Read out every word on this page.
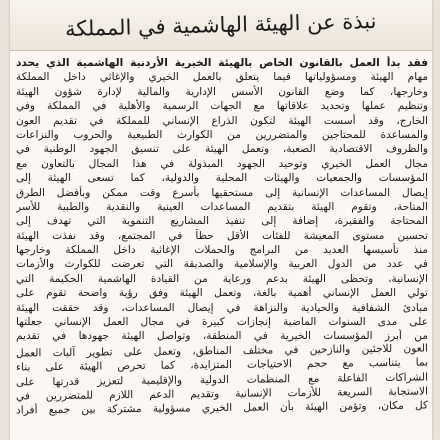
نبذة عن الهيئة الهاشمية في المملكة
فقد بدأ العمل بالقانون الخاص بالهيئة الخيرية الأردنية الهاشمية الذي يحدد
مهام الهيئة ومسؤولياتها فيما يتعلق بالعمل الخيري والإغاثي داخل المملكة
وخارجها، كما وضع القانون الأسس الإدارية والمالية لإدارة شؤون الهيئة
وتنظيم عملها وتحديد علاقاتها مع الجهات الرسمية والأهلية في المملكة وفي
الخارج، وقد أسست الهيئة لتكون الذراع الإنساني للمملكة في تقديم العون
والمساعدة للمحتاجين والمتضررين من الكوارث الطبيعية والحروب والنزاعات
والظروف الاقتصادية الصعبة، وتعمل الهيئة على تنسيق الجهود الوطنية في
مجال العمل الخيري وتوحيد الجهود المبذولة في هذا المجال بالتعاون مع
المؤسسات والجمعيات والهيئات المحلية والدولية، كما تسعى الهيئة إلى
إيصال المساعدات الإنسانية إلى مستحقيها بأسرع وقت ممكن وبأفضل الطرق
المتاحة، وتقوم الهيئة بتقديم المساعدات العينية والنقدية والطبية للأسر
المحتاجة والفقيرة، إضافة إلى تنفيذ المشاريع التنموية التي تهدف إلى
تحسين مستوى المعيشة للفئات الأقل حظاً في المجتمع، وقد نفذت الهيئة
منذ تأسيسها العديد من البرامج والحملات الإغاثية داخل المملكة وخارجها
في عدد من الدول العربية والإسلامية والصديقة التي تعرضت للكوارث والأزمات
الإنسانية، وتحظى الهيئة بدعم ورعاية من القيادة الهاشمية الحكيمة التي
تولي العمل الإنساني أهمية بالغة، وتعمل الهيئة وفق رؤية واضحة تقوم على
مبادئ الشفافية والحيادية والنزاهة في إيصال المساعدات، وقد حققت الهيئة
على مدى السنوات الماضية إنجازات كبيرة في مجال العمل الإنساني جعلتها
من أبرز المؤسسات الخيرية في المنطقة، وتواصل الهيئة جهودها في تقديم
العون للاجئين والنازحين في مختلف المناطق، وتعمل على تطوير آليات العمل
بما يتناسب مع حجم الاحتياجات المتزايدة، كما تحرص الهيئة على بناء
الشراكات الفاعلة مع المنظمات الدولية والإقليمية لتعزيز قدرتها على
الاستجابة السريعة للأزمات الإنسانية وتقديم الدعم اللازم للمتضررين في
كل مكان، وتؤمن الهيئة بأن العمل الخيري مسؤولية مشتركة بين جميع أفراد
